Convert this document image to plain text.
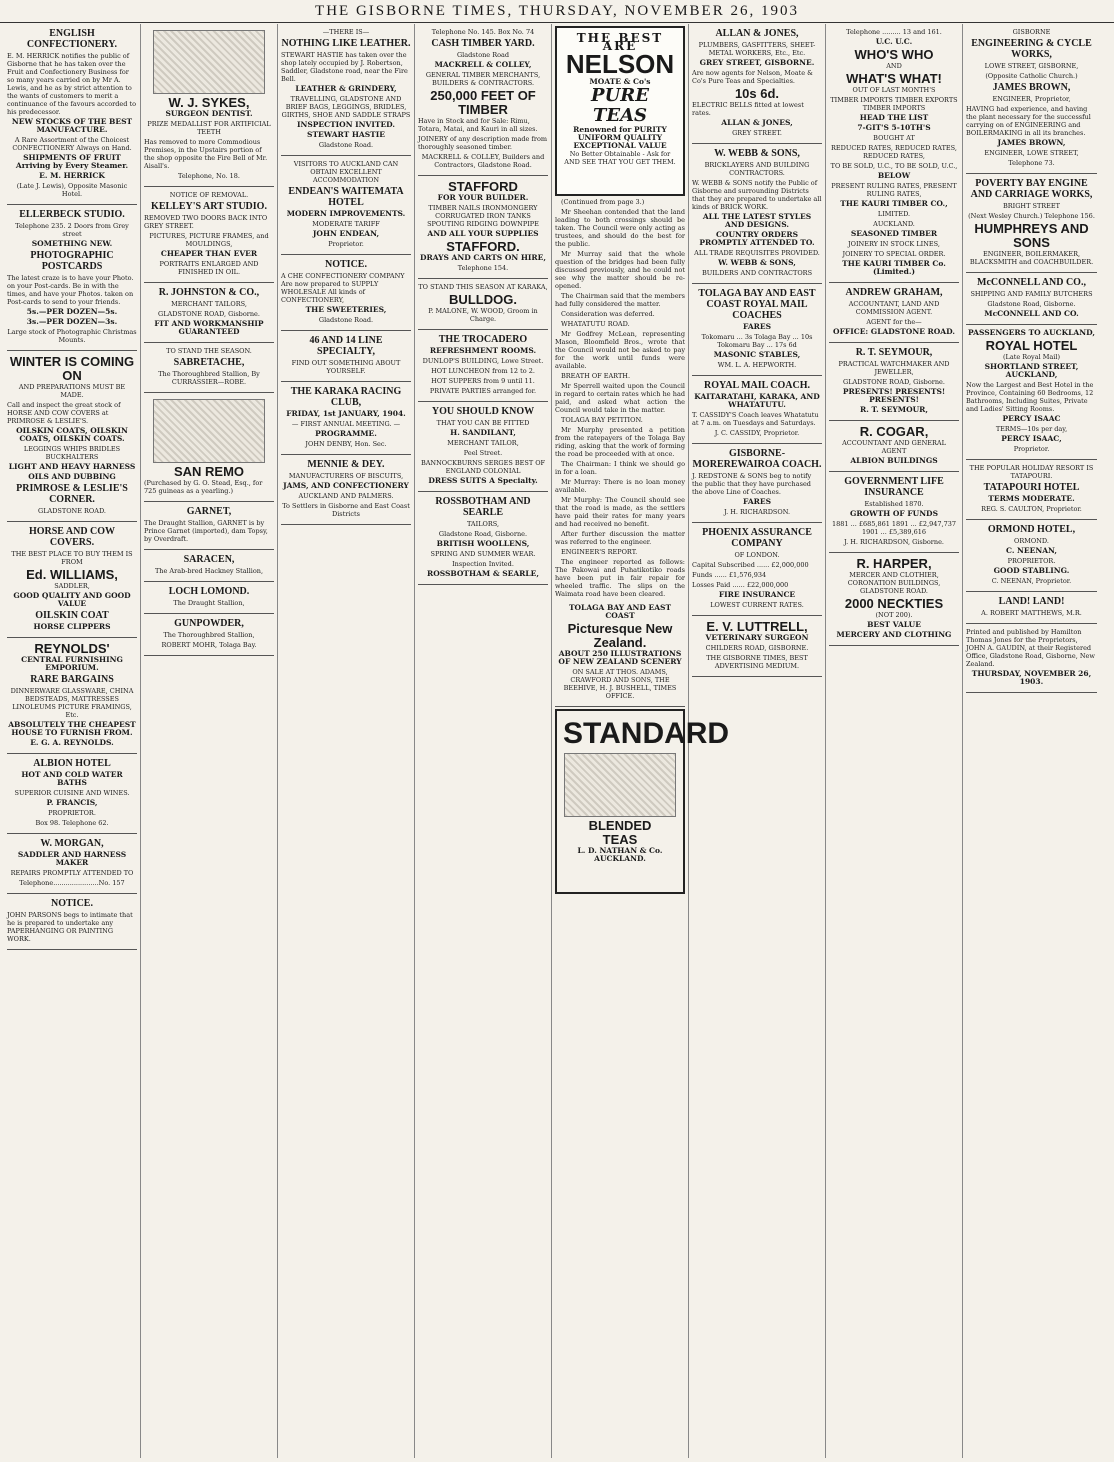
THE GISBORNE TIMES, THURSDAY, NOVEMBER 26, 1903
ENGLISH CONFECTIONERY.

E. M. HERRICK notifies the public of Gisborne that he has taken over the Fruit and Confectionery Business for so many years carried on by Mr A. Lewis, and he as by strict attention to the wants of customers to merit a continuance of the favours accorded to his predecessor.

NEW STOCKS OF THE BEST MANUFACTURE.

A Rare Assortment of the Choicest CONFECTIONERY Always on Hand.

SHIPMENTS OF FRUIT Arriving by Every Steamer.

E. M. HERRICK

(Late J. Lewis), Opposite Masonic Hotel.

ELLERBECK STUDIO.

Telephone 235. 2 Doors from Grey street

SOMETHING NEW.

PHOTOGRAPHIC POSTCARDS

The latest craze is to have your Photo. on your Post-cards. Be in with the times, and have your Photos. taken on Post-cards to send to your friends.

5s.—PER DOZEN—5s.

3s.—PER DOZEN—3s.

Large stock of Photographic Christmas Mounts.

WINTER IS COMING ON

AND PREPARATIONS MUST BE MADE.

Call and inspect the great stock of HORSE AND COW COVERS at PRIMROSE & LESLIE'S.

OILSKIN COATS, OILSKIN COATS, OILSKIN COATS.

LEGGINGS WHIPS BRIDLES BUCKHALTERS

LIGHT AND HEAVY HARNESS

OILS AND DUBBING

PRIMROSE & LESLIE'S CORNER.

GLADSTONE ROAD.

HORSE AND COW COVERS.

THE BEST PLACE TO BUY THEM IS FROM

Ed. WILLIAMS,

SADDLER,

GOOD QUALITY AND GOOD VALUE

OILSKIN COAT

HORSE CLIPPERS

REYNOLDS'

CENTRAL FURNISHING EMPORIUM.

RARE BARGAINS

DINNERWARE GLASSWARE, CHINA BEDSTEADS, MATTRESSES LINOLEUMS PICTURE FRAMINGS, Etc.

ABSOLUTELY THE CHEAPEST HOUSE TO FURNISH FROM.

E. G. A. REYNOLDS.

ALBION HOTEL

HOT AND COLD WATER BATHS

SUPERIOR CUISINE AND WINES.

P. FRANCIS,

PROPRIETOR.

Box 98. Telephone 62.

W. MORGAN,

SADDLER AND HARNESS MAKER

REPAIRS PROMPTLY ATTENDED TO

Telephone......................No. 157

NOTICE.

JOHN PARSONS begs to intimate that he is prepared to undertake any PAPERHANGING OR PAINTING WORK.

W. J. SYKES,

SURGEON DENTIST.

PRIZE MEDALLIST FOR ARTIFICIAL TEETH

Has removed to more Commodious Premises, in the Upstairs portion of the shop opposite the Fire Bell of Mr. Aisall's.

Telephone, No. 18.

NOTICE OF REMOVAL.

KELLEY'S ART STUDIO.

REMOVED TWO DOORS BACK INTO GREY STREET.

PICTURES, PICTURE FRAMES, and MOULDINGS,

CHEAPER THAN EVER

PORTRAITS ENLARGED AND FINISHED IN OIL.

R. JOHNSTON & CO.,

MERCHANT TAILORS,

GLADSTONE ROAD, Gisborne.

FIT AND WORKMANSHIP GUARANTEED

TO STAND THE SEASON.

SABRETACHE,

The Thoroughbred Stallion, By CURRASSIER—ROBE.

SAN REMO

(Purchased by G. O. Stead, Esq., for 725 guineas as a yearling.)

GARNET,

The Draught Stallion, GARNET is by Prince Garnet (imported), dam Topsy, by Overdraft.

SARACEN,

The Arab-bred Hackney Stallion,

LOCH LOMOND.

The Draught Stallion,

GUNPOWDER,

The Thoroughbred Stallion,

ROBERT MOHR, Tolaga Bay.

—THERE IS—

NOTHING LIKE LEATHER.

STEWART HASTIE has taken over the shop lately occupied by J. Robertson, Saddler, Gladstone road, near the Fire Bell.

LEATHER & GRINDERY,

TRAVELLING, GLADSTONE AND BRIEF BAGS, LEGGINGS, BRIDLES, GIRTHS, SHOE AND SADDLE STRAPS

INSPECTION INVITED.

STEWART HASTIE

Gladstone Road.

VISITORS TO AUCKLAND CAN OBTAIN EXCELLENT ACCOMMODATION

ENDEAN'S WAITEMATA HOTEL

MODERN IMPROVEMENTS.

MODERATE TARIFF

JOHN ENDEAN,

Proprietor.

NOTICE.

A CHE CONFECTIONERY COMPANY Are now prepared to SUPPLY WHOLESALE All kinds of CONFECTIONERY,

THE SWEETERIES,

Gladstone Road.

46 AND 14 LINE SPECIALTY,

FIND OUT SOMETHING ABOUT YOURSELF.

THE KARAKA RACING CLUB,

FRIDAY, 1st JANUARY, 1904.

— FIRST ANNUAL MEETING. —

PROGRAMME.

JOHN DENBY, Hon. Sec.

MENNIE & DEY.

MANUFACTURERS OF BISCUITS,

JAMS, AND CONFECTIONERY

AUCKLAND AND PALMERS.

To Settlers in Gisborne and East Coast Districts

Telephone No. 145. Box No. 74

CASH TIMBER YARD.

Gladstone Road

MACKRELL & COLLEY,

GENERAL TIMBER MERCHANTS, BUILDERS & CONTRACTORS.

250,000 FEET OF TIMBER

Have in Stock and for Sale: Rimu, Totara, Matai, and Kauri in all sizes.

JOINERY of any description made from thoroughly seasoned timber.

MACKRELL & COLLEY, Builders and Contractors, Gladstone Road.

STAFFORD

FOR YOUR BUILDER.

TIMBER NAILS IRONMONGERY CORRUGATED IRON TANKS SPOUTING RIDGING DOWNPIPE

AND ALL YOUR SUPPLIES

STAFFORD.

DRAYS AND CARTS ON HIRE,

Telephone 154.

TO STAND THIS SEASON AT KARAKA,

BULLDOG.

P. MALONE, W. WOOD, Groom in Charge.

THE TROCADERO

REFRESHMENT ROOMS.

DUNLOP'S BUILDING, Lowe Street.

HOT LUNCHEON from 12 to 2.

HOT SUPPERS from 9 until 11.

PRIVATE PARTIES arranged for.

YOU SHOULD KNOW

THAT YOU CAN BE FITTED

H. SANDILANT,

MERCHANT TAILOR,

Peel Street.

BANNOCKBURNS SERGES BEST OF ENGLAND COLONIAL

DRESS SUITS A Specialty.

ROSSBOTHAM AND SEARLE

TAILORS,

Gladstone Road, Gisborne.

BRITISH WOOLLENS,

SPRING AND SUMMER WEAR.

Inspection Invited.

ROSSBOTHAM & SEARLE,

THE BEST ARE
NELSON
MOATE & Co's
PURE TEAS
Renowned for PURITY
UNIFORM QUALITY
EXCEPTIONAL VALUE
No Better Obtainable - Ask for AND SEE THAT YOU GET THEM.

(Continued from page 3.)

Mr Sheehan contended that the land leading to both crossings should be taken. The Council were only acting as trustees, and should do the best for the public.

Mr Murray said that the whole question of the bridges had been fully discussed previously, and he could not see why the matter should be re-opened.

The Chairman said that the members had fully considered the matter.

Consideration was deferred.

WHATATUTU ROAD.

Mr Godfrey McLean, representing Mason, Bloomfield Bros., wrote that the Council would not be asked to pay for the work until funds were available.

BREATH OF EARTH.

Mr Sperrell waited upon the Council in regard to certain rates which he had paid, and asked what action the Council would take in the matter.

TOLAGA BAY PETITION.

Mr Murphy presented a petition from the ratepayers of the Tolaga Bay riding, asking that the work of forming the road be proceeded with at once.

The Chairman: I think we should go in for a loan.

Mr Murray: There is no loan money available.

Mr Murphy: The Council should see that the road is made, as the settlers have paid their rates for many years and had received no benefit.

After further discussion the matter was referred to the engineer.

ENGINEER'S REPORT.

The engineer reported as follows: The Pakowai and Puhatikotiko roads have been put in fair repair for wheeled traffic. The slips on the Waimata road have been cleared.

TOLAGA BAY AND EAST COAST

Picturesque New Zealand.

ABOUT 250 ILLUSTRATIONS OF NEW ZEALAND SCENERY

ON SALE AT THOS. ADAMS, CRAWFORD AND SONS, THE BEEHIVE, H. J. BUSHELL, TIMES OFFICE.

STANDARD
BLENDED
TEAS
L. D. NATHAN & Co. AUCKLAND.
ALLAN & JONES,

PLUMBERS, GASFITTERS, SHEET-METAL WORKERS, Etc., Etc.

GREY STREET, GISBORNE.

Are now agents for Nelson, Moate & Co's Pure Teas and Specialties.

10s 6d.

ELECTRIC BELLS fitted at lowest rates.

ALLAN & JONES,

GREY STREET.

W. WEBB & SONS,

BRICKLAYERS AND BUILDING CONTRACTORS.

W. WEBB & SONS notify the Public of Gisborne and surrounding Districts that they are prepared to undertake all kinds of BRICK WORK.

ALL THE LATEST STYLES AND DESIGNS.

COUNTRY ORDERS PROMPTLY ATTENDED TO.

ALL TRADE REQUISITES PROVIDED.

W. WEBB & SONS,

BUILDERS AND CONTRACTORS

TOLAGA BAY AND EAST COAST ROYAL MAIL COACHES

FARES

Tokomaru ... 3s Tolaga Bay ... 10s Tokomaru Bay ... 17s 6d

MASONIC STABLES,

WM. L. A. HEPWORTH.

ROYAL MAIL COACH.

KAITARATAHI, KARAKA, AND WHATATUTU.

T. CASSIDY'S Coach leaves Whatatutu at 7 a.m. on Tuesdays and Saturdays.

J. C. CASSIDY, Proprietor.

GISBORNE-MOREREWAIROA COACH.

J. REDSTONE & SONS beg to notify the public that they have purchased the above Line of Coaches.

FARES

J. H. RICHARDSON.

PHOENIX ASSURANCE COMPANY

OF LONDON.

Capital Subscribed ...... £2,000,000

Funds ...... £1,576,934

Losses Paid ...... £22,000,000

FIRE INSURANCE

LOWEST CURRENT RATES.

E. V. LUTTRELL,

VETERINARY SURGEON

CHILDERS ROAD, GISBORNE.

THE GISBORNE TIMES, BEST ADVERTISING MEDIUM.

Telephone ......... 13 and 161.

U.C. U.C.

WHO'S WHO

AND

WHAT'S WHAT!

OUT OF LAST MONTH'S

TIMBER IMPORTS TIMBER EXPORTS TIMBER IMPORTS

HEAD THE LIST

7-GIT'S 5-10TH'S

BOUGHT AT

REDUCED RATES, REDUCED RATES, REDUCED RATES,

TO BE SOLD, U.C., TO BE SOLD, U.C.,

BELOW

PRESENT RULING RATES, PRESENT RULING RATES,

THE KAURI TIMBER CO.,

LIMITED.

AUCKLAND.

SEASONED TIMBER

JOINERY IN STOCK LINES,

JOINERY TO SPECIAL ORDER.

THE KAURI TIMBER Co. (Limited.)

ANDREW GRAHAM,

ACCOUNTANT, LAND AND COMMISSION AGENT.

AGENT for the—

OFFICE: GLADSTONE ROAD.

R. T. SEYMOUR,

PRACTICAL WATCHMAKER AND JEWELLER,

GLADSTONE ROAD, Gisborne.

PRESENTS! PRESENTS! PRESENTS!

R. T. SEYMOUR,

R. COGAR,

ACCOUNTANT AND GENERAL AGENT

ALBION BUILDINGS

GOVERNMENT LIFE INSURANCE

Established 1870.

GROWTH OF FUNDS

1881 ... £685,861 1891 ... £2,947,737 1901 ... £5,389,616

J. H. RICHARDSON, Gisborne.

R. HARPER,

MERCER AND CLOTHIER, CORONATION BUILDINGS, GLADSTONE ROAD.

2000 NECKTIES

(NOT 200).

BEST VALUE

MERCERY AND CLOTHING

GISBORNE

ENGINEERING & CYCLE WORKS,

LOWE STREET, GISBORNE,

(Opposite Catholic Church.)

JAMES BROWN,

ENGINEER, Proprietor,

HAVING had experience, and having the plant necessary for the successful carrying on of ENGINEERING and BOILERMAKING in all its branches.

JAMES BROWN,

ENGINEER, LOWE STREET,

Telephone 73.

POVERTY BAY ENGINE AND CARRIAGE WORKS,

BRIGHT STREET

(Next Wesley Church.) Telephone 156.

HUMPHREYS AND SONS

ENGINEER, BOILERMAKER, BLACKSMITH and COACHBUILDER.

McCONNELL AND CO.,

SHIPPING AND FAMILY BUTCHERS

Gladstone Road, Gisborne.

McCONNELL AND CO.

PASSENGERS TO AUCKLAND,

ROYAL HOTEL

(Late Royal Mail)

SHORTLAND STREET, AUCKLAND,

Now the Largest and Best Hotel in the Province, Containing 60 Bedrooms, 12 Bathrooms, Including Suites, Private and Ladies' Sitting Rooms.

PERCY ISAAC

TERMS—10s per day,

PERCY ISAAC,

Proprietor.

THE POPULAR HOLIDAY RESORT IS TATAPOURI.

TATAPOURI HOTEL

TERMS MODERATE.

REG. S. CAULTON, Proprietor.

ORMOND HOTEL,

ORMOND.

C. NEENAN,

PROPRIETOR.

GOOD STABLING.

C. NEENAN, Proprietor.

LAND! LAND!

A. ROBERT MATTHEWS, M.R.

Printed and published by Hamilton Thomas Jones for the Proprietors, JOHN A. GAUDIN, at their Registered Office, Gladstone Road, Gisborne, New Zealand.

THURSDAY, NOVEMBER 26, 1903.
